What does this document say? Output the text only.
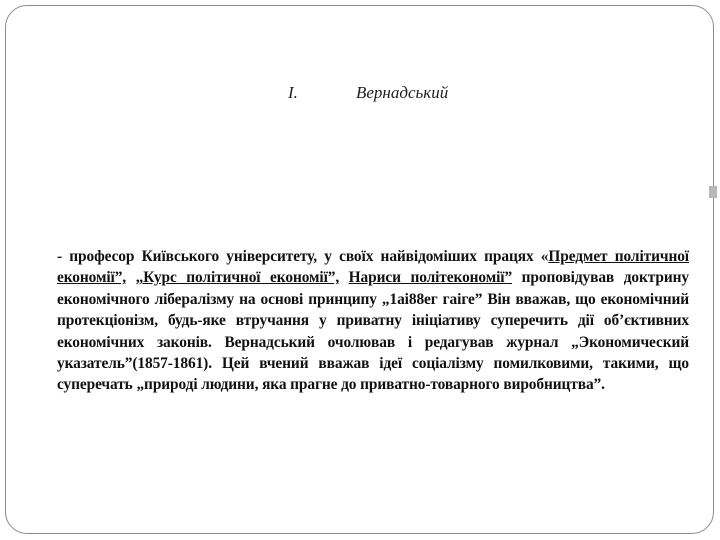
І.	Вернадський

- професор Київського університету, у своїх найвідоміших працях «Предмет політичної економії”, „Курс політичної економії”, Нариси політекономії” проповідував доктрину економічного лібералізму на основі принципу „1аі88ег гаіге” Він вважав, що економічний протекціонізм, будь-яке втручання у приватну ініціативу суперечить дії об’єктивних економічних законів. Вернадський очолював і редагував журнал „Экономический указатель”(1857-1861). Цей вчений вважав ідеї соціалізму помилковими, такими, що суперечать „природі людини, яка прагне до приватно-товарного виробництва”.
